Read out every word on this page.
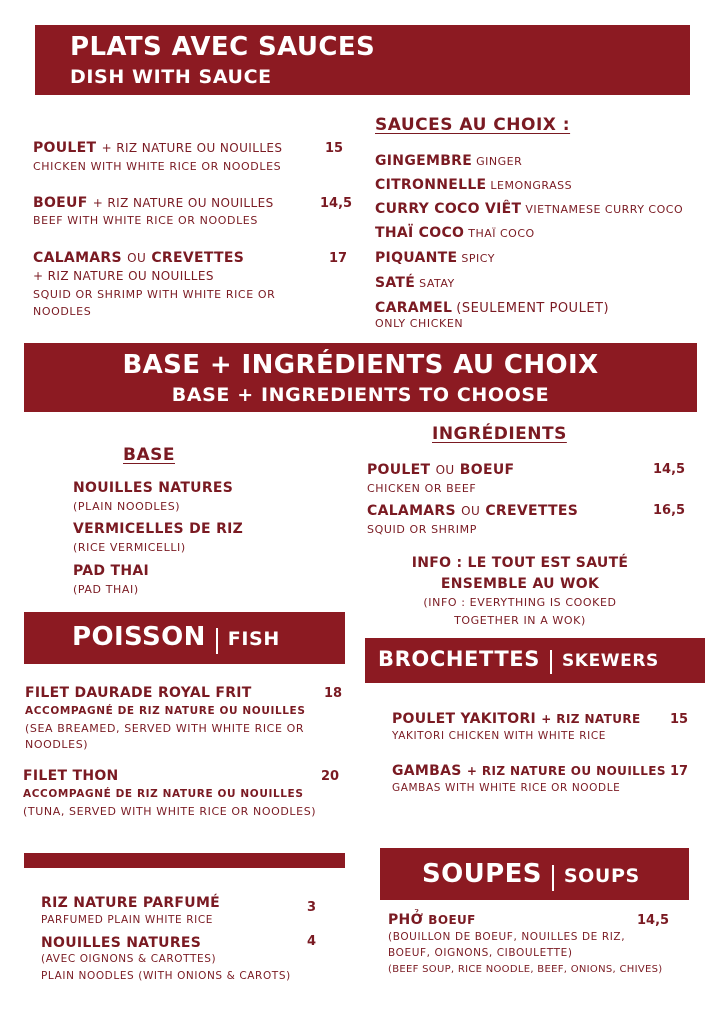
PLATS AVEC SAUCES
DISH WITH SAUCE
POULET + RIZ NATURE OU NOUILLES	15
CHICKEN WITH WHITE RICE OR NOODLES
BOEUF + RIZ NATURE OU NOUILLES	14,5
BEEF WITH WHITE RICE OR NOODLES
CALAMARS OU CREVETTES	17
+ RIZ NATURE OU NOUILLES
SQUID OR SHRIMP WITH WHITE RICE OR
NOODLES
SAUCES AU CHOIX :
GINGEMBRE GINGER
CITRONNELLE LEMONGRASS
CURRY COCO VIÊT VIETNAMESE CURRY COCO
THAÏ COCO THAÏ COCO
PIQUANTE SPICY
SATÉ SATAY
CARAMEL (SEULEMENT POULET)
ONLY CHICKEN
BASE + INGRÉDIENTS AU CHOIX
BASE + INGREDIENTS TO CHOOSE
BASE
NOUILLES NATURES
(PLAIN NOODLES)
VERMICELLES DE RIZ
(RICE VERMICELLI)
PAD THAI
(PAD THAI)
INGRÉDIENTS
POULET OU BOEUF	14,5
CHICKEN OR BEEF
CALAMARS OU CREVETTES	16,5
SQUID OR SHRIMP
INFO : LE TOUT EST SAUTÉ
ENSEMBLE AU WOK
(INFO : EVERYTHING IS COOKED
TOGETHER IN A WOK)
POISSON FISH
FILET DAURADE ROYAL FRIT	18
ACCOMPAGNÉ DE RIZ NATURE OU NOUILLES
(SEA BREAMED, SERVED WITH WHITE RICE OR
NOODLES)
FILET THON	20
ACCOMPAGNÉ DE RIZ NATURE OU NOUILLES
(TUNA, SERVED WITH WHITE RICE OR NOODLES)
BROCHETTES SKEWERS
POULET YAKITORI + RIZ NATURE 15
YAKITORI CHICKEN WITH WHITE RICE
GAMBAS + RIZ NATURE OU NOUILLES 17
GAMBAS WITH WHITE RICE OR NOODLE
RIZ NATURE PARFUMÉ	3
PARFUMED PLAIN WHITE RICE
NOUILLES NATURES	4
(AVEC OIGNONS & CAROTTES)
PLAIN NOODLES (WITH ONIONS & CAROTS)
SOUPES SOUPS
PHỞ BOEUF	14,5
(BOUILLON DE BOEUF, NOUILLES DE RIZ,
BOEUF, OIGNONS, CIBOULETTE)
(BEEF SOUP, RICE NOODLE, BEEF, ONIONS, CHIVES)
